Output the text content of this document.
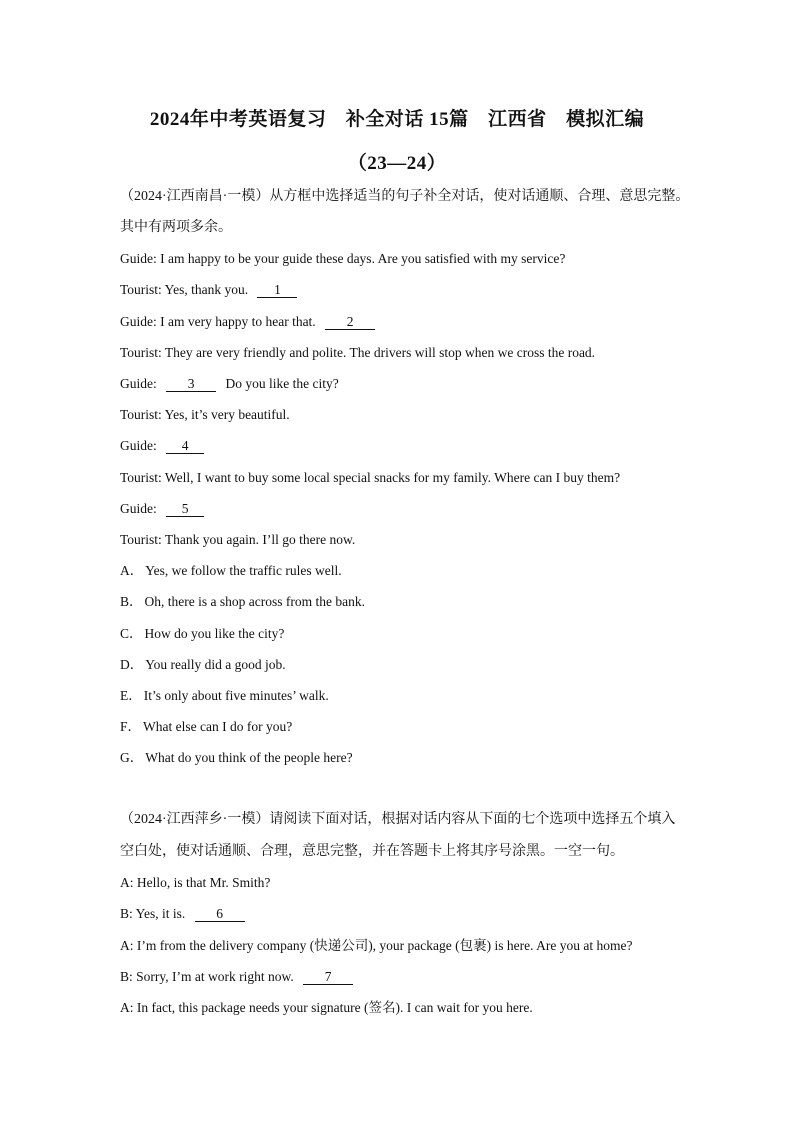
2024年中考英语复习　补全对话 15篇　江西省　模拟汇编
（23—24）
（2024·江西南昌·一模）从方框中选择适当的句子补全对话，使对话通顺、合理、意思完整。
其中有两项多余。
Guide: I am happy to be your guide these days. Are you satisfied with my service?
Tourist: Yes, thank you. 1
Guide: I am very happy to hear that. 2
Tourist: They are very friendly and polite. The drivers will stop when we cross the road.
Guide: 3 Do you like the city?
Tourist: Yes, it’s very beautiful.
Guide: 4
Tourist: Well, I want to buy some local special snacks for my family. Where can I buy them?
Guide: 5
Tourist: Thank you again. I’ll go there now.
A． Yes, we follow the traffic rules well.
B． Oh, there is a shop across from the bank.
C． How do you like the city?
D． You really did a good job.
E． It’s only about five minutes’ walk.
F． What else can I do for you?
G． What do you think of the people here?
（2024·江西萍乡·一模）请阅读下面对话，根据对话内容从下面的七个选项中选择五个填入
空白处，使对话通顺、合理，意思完整，并在答题卡上将其序号涂黑。一空一句。
A: Hello, is that Mr. Smith?
B: Yes, it is. 6
A: I’m from the delivery company (快递公司), your package (包裹) is here. Are you at home?
B: Sorry, I’m at work right now. 7
A: In fact, this package needs your signature (签名). I can wait for you here.
